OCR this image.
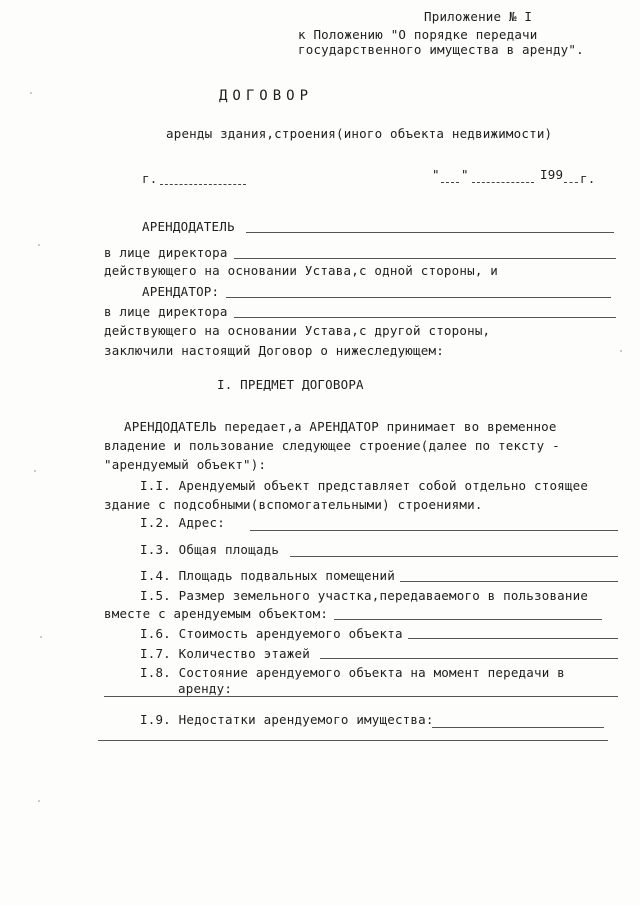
Приложение № I
к Положению "О порядке передачи
государственного имущества в аренду".
ДОГОВОР
аренды здания,строения(иного объекта недвижимости)
г.	" "	I99 г.
АРЕНДОДАТЕЛЬ
в лице директора
действующего на основании Устава,с одной стороны, и
АРЕНДАТОР:
в лице директора
действующего на основании Устава,с другой стороны,
заключили настоящий Договор о нижеследующем:
I. ПРЕДМЕТ ДОГОВОРА
АРЕНДОДАТЕЛЬ передает,а АРЕНДАТОР принимает во временное
владение и пользование следующее строение(далее по тексту -
"арендуемый объект"):
I.I. Арендуемый объект представляет собой отдельно стоящее
здание с подсобными(вспомогательными) строениями.
I.2. Адрес:
I.3. Общая площадь
I.4. Площадь подвальных помещений
I.5. Размер земельного участка,передаваемого в пользование
вместе с арендуемым объектом:
I.6. Стоимость арендуемого объекта
I.7. Количество этажей
I.8. Состояние арендуемого объекта на момент передачи в
аренду:
I.9. Недостатки арендуемого имущества:
